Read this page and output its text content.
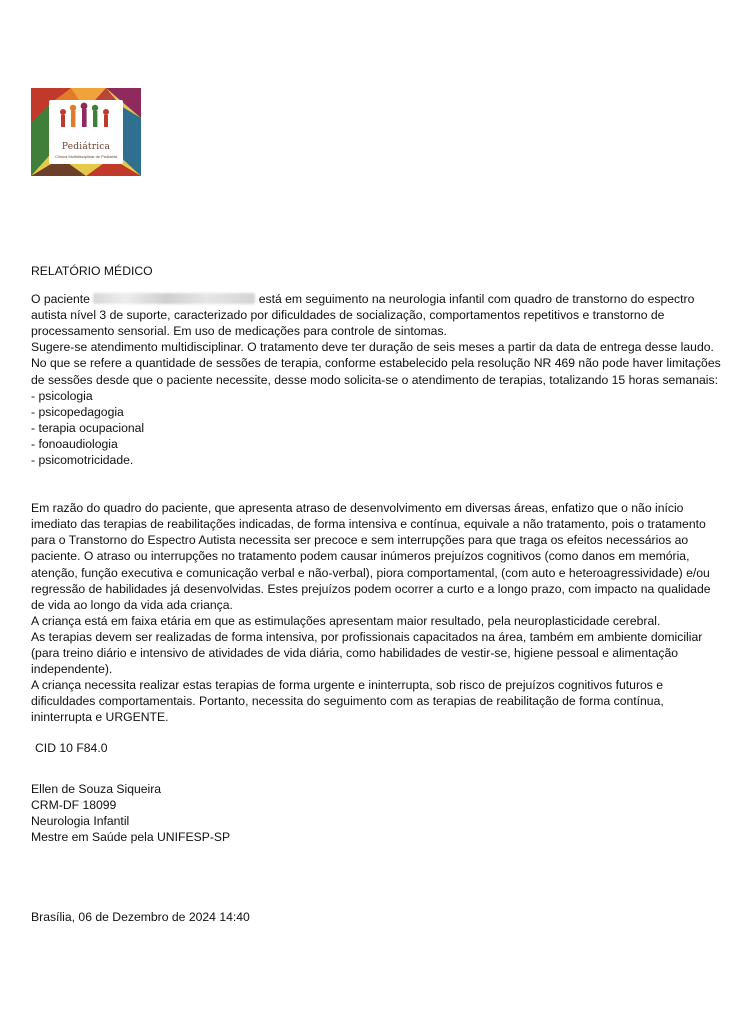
Pediátrica
Clínica Multidisciplinar de Pediatria
RELATÓRIO MÉDICO

O paciente	está em seguimento na neurologia infantil com quadro de transtorno do espectro autista nível 3 de suporte, caracterizado por dificuldades de socialização, comportamentos repetitivos e transtorno de processamento sensorial. Em uso de medicações para controle de sintomas.

Sugere-se atendimento multidisciplinar. O tratamento deve ter duração de seis meses a partir da data de entrega desse laudo. No que se refere a quantidade de sessões de terapia, conforme estabelecido pela resolução NR 469 não pode haver limitações de sessões desde que o paciente necessite, desse modo solicita-se o atendimento de terapias, totalizando 15 horas semanais:

- psicologia
- psicopedagogia
- terapia ocupacional
- fonoaudiologia
- psicomotricidade.

Em razão do quadro do paciente, que apresenta atraso de desenvolvimento em diversas áreas, enfatizo que o não início imediato das terapias de reabilitações indicadas, de forma intensiva e contínua, equivale a não tratamento, pois o tratamento para o Transtorno do Espectro Autista necessita ser precoce e sem interrupções para que traga os efeitos necessários ao paciente. O atraso ou interrupções no tratamento podem causar inúmeros prejuízos cognitivos (como danos em memória, atenção, função executiva e comunicação verbal e não-verbal), piora comportamental, (com auto e heteroagressividade) e/ou regressão de habilidades já desenvolvidas. Estes prejuízos podem ocorrer a curto e a longo prazo, com impacto na qualidade de vida ao longo da vida ada criança.

A criança está em faixa etária em que as estimulações apresentam maior resultado, pela neuroplasticidade cerebral.

As terapias devem ser realizadas de forma intensiva, por profissionais capacitados na área, também em ambiente domiciliar (para treino diário e intensivo de atividades de vida diária, como habilidades de vestir-se, higiene pessoal e alimentação independente).

A criança necessita realizar estas terapias de forma urgente e ininterrupta, sob risco de prejuízos cognitivos futuros e dificuldades comportamentais. Portanto, necessita do seguimento com as terapias de reabilitação de forma contínua, ininterrupta e URGENTE.

CID 10 F84.0

Ellen de Souza Siqueira
CRM-DF 18099
Neurologia Infantil
Mestre em Saúde pela UNIFESP-SP
Brasília, 06 de Dezembro de 2024 14:40
